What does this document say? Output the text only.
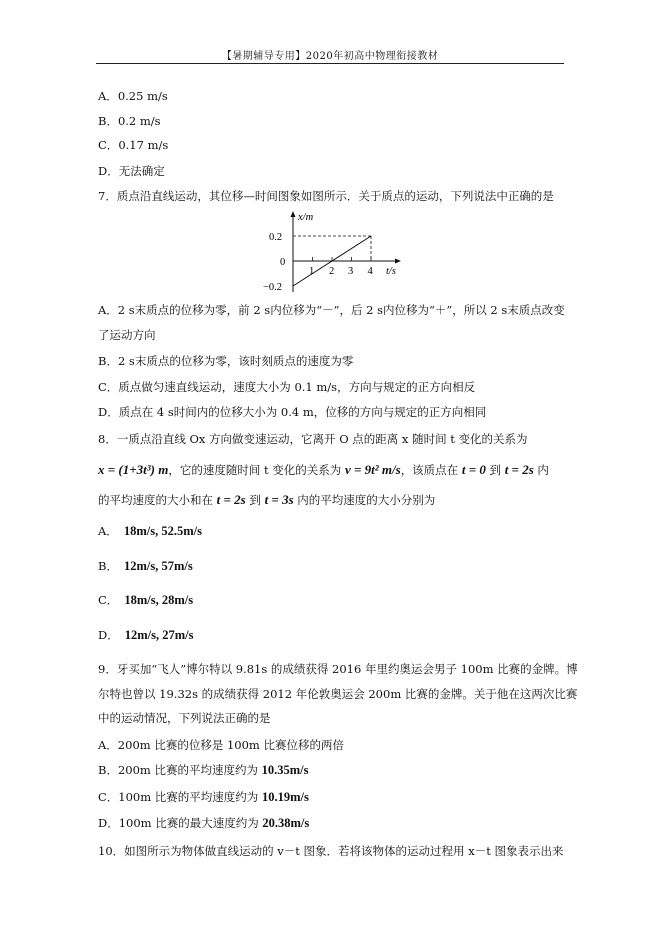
【暑期辅导专用】2020年初高中物理衔接教材
A．0.25 m/s
B．0.2 m/s
C．0.17 m/s
D．无法确定
7．质点沿直线运动，其位移—时间图象如图所示．关于质点的运动，下列说法中正确的是
x/m
t/s
0.2
0
−0.2
1 2 3 4
A．2 s末质点的位移为零，前 2 s内位移为“－”，后 2 s内位移为“＋”，所以 2 s末质点改变
了运动方向
B．2 s末质点的位移为零，该时刻质点的速度为零
C．质点做匀速直线运动，速度大小为 0.1 m/s，方向与规定的正方向相反
D．质点在 4 s时间内的位移大小为 0.4 m，位移的方向与规定的正方向相同
8．一质点沿直线 Ox 方向做变速运动，它离开 O 点的距离 x 随时间 t 变化的关系为
x = (1+3t³) m，它的速度随时间 t 变化的关系为 v = 9t² m/s，该质点在 t = 0 到 t = 2s 内
的平均速度的大小和在 t = 2s 到 t = 3s 内的平均速度的大小分别为
A． 18m/s, 52.5m/s
B． 12m/s, 57m/s
C． 18m/s, 28m/s
D． 12m/s, 27m/s
9．牙买加“飞人”博尔特以 9.81s 的成绩获得 2016 年里约奥运会男子 100m 比赛的金牌。博
尔特也曾以 19.32s 的成绩获得 2012 年伦敦奥运会 200m 比赛的金牌。关于他在这两次比赛
中的运动情况，下列说法正确的是
A．200m 比赛的位移是 100m 比赛位移的两倍
B．200m 比赛的平均速度约为 10.35m/s
C．100m 比赛的平均速度约为 10.19m/s
D．100m 比赛的最大速度约为 20.38m/s
10．如图所示为物体做直线运动的 v－t 图象．若将该物体的运动过程用 x－t 图象表示出来
